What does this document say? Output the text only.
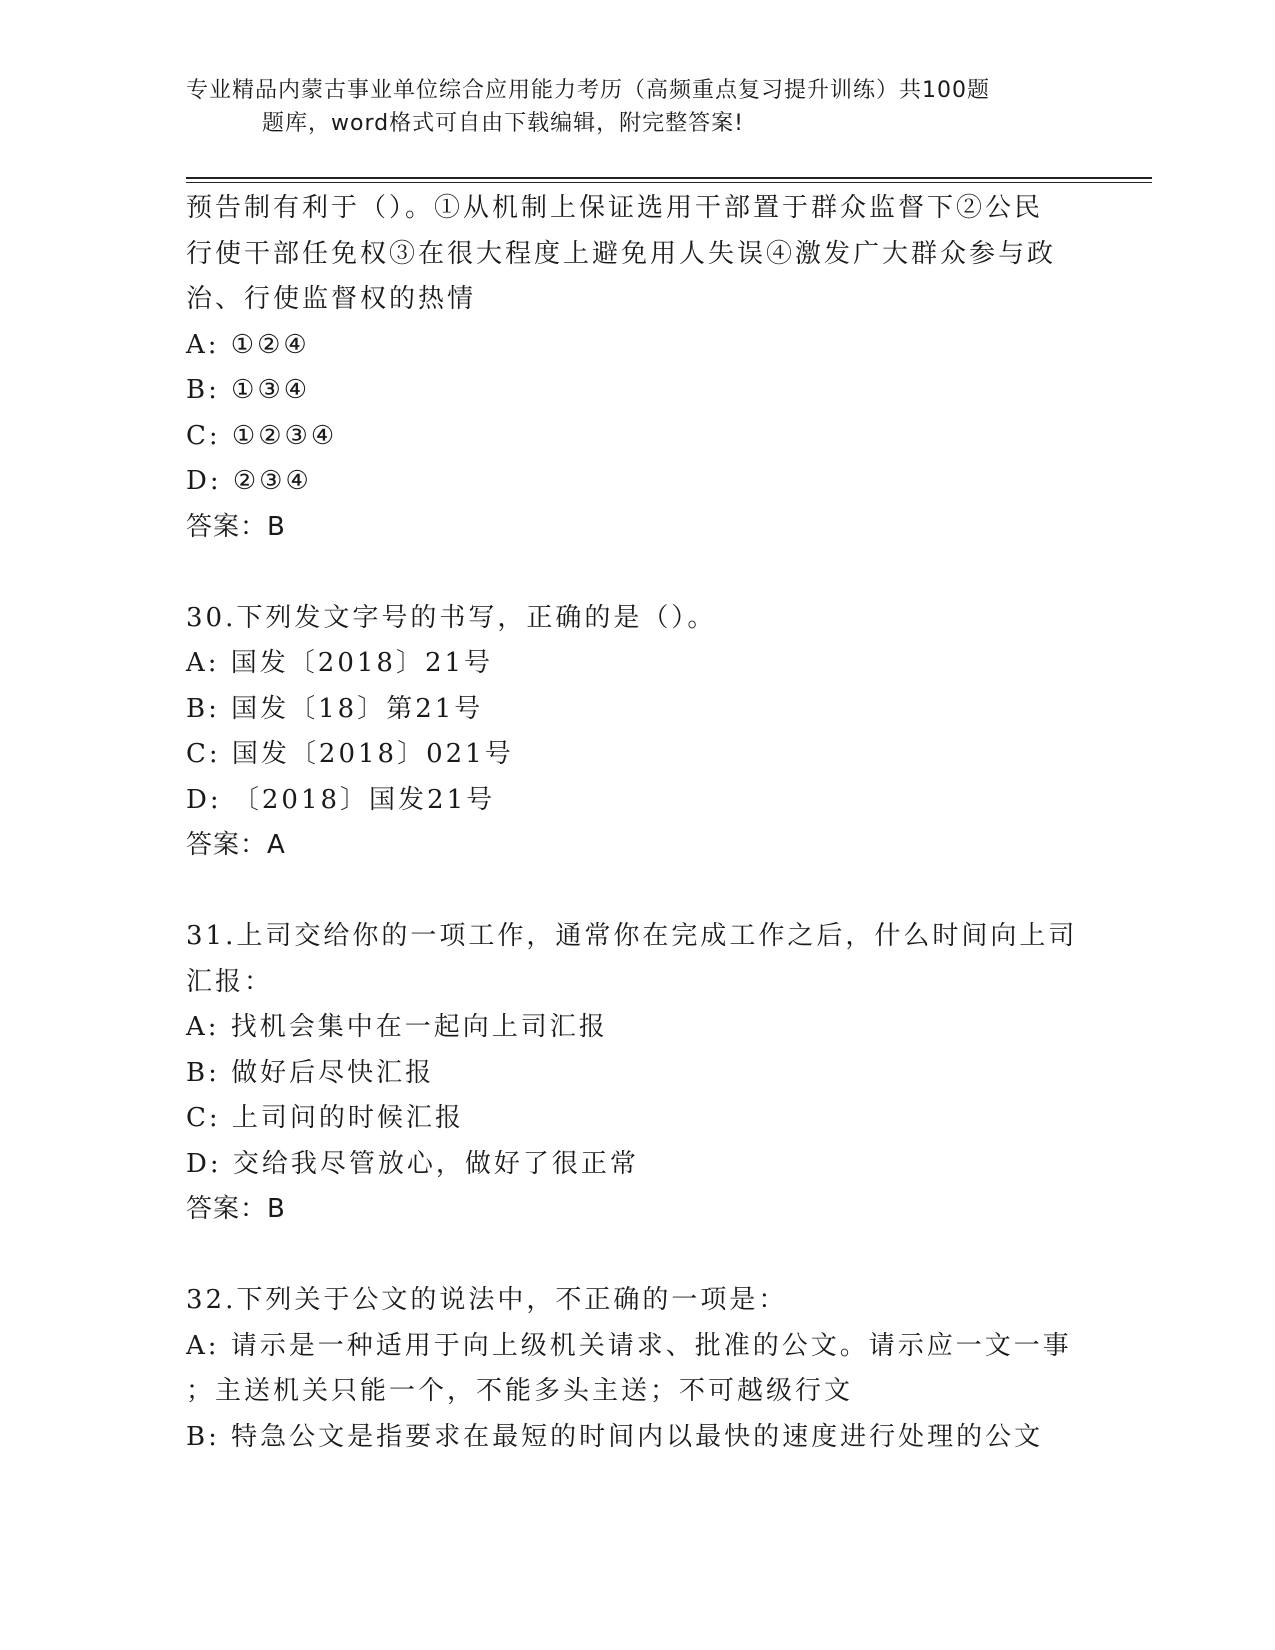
专业精品内蒙古事业单位综合应用能力考历（高频重点复习提升训练）共100题
题库，word格式可自由下载编辑，附完整答案!
预告制有利于（）。①从机制上保证选用干部置于群众监督下②公民
行使干部任免权③在很大程度上避免用人失误④激发广大群众参与政
治、行使监督权的热情
A: ①②④
B: ①③④
C: ①②③④
D: ②③④
答案：B
30.下列发文字号的书写，正确的是（）。
A: 国发〔2018〕21号
B: 国发〔18〕第21号
C: 国发〔2018〕021号
D: 〔2018〕国发21号
答案：A
31.上司交给你的一项工作，通常你在完成工作之后，什么时间向上司
汇报：
A: 找机会集中在一起向上司汇报
B: 做好后尽快汇报
C: 上司问的时候汇报
D: 交给我尽管放心，做好了很正常
答案：B
32.下列关于公文的说法中，不正确的一项是：
A: 请示是一种适用于向上级机关请求、批准的公文。请示应一文一事
；主送机关只能一个，不能多头主送；不可越级行文
B: 特急公文是指要求在最短的时间内以最快的速度进行处理的公文
